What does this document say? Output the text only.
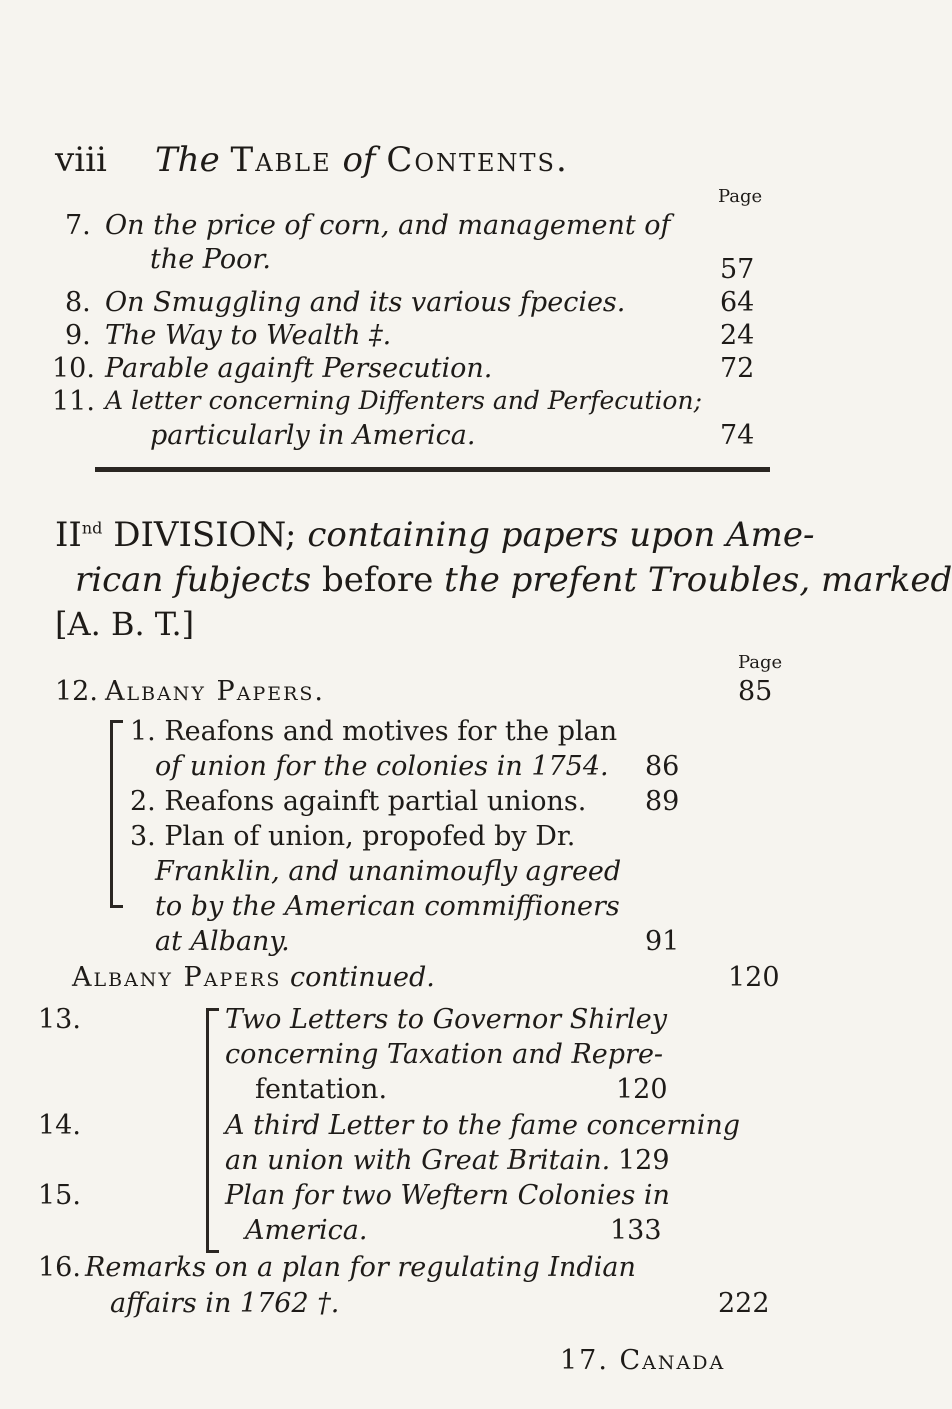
viii The Table of Contents.
Page
7. On the price of corn, and management of
the Poor.	57
8. On Smuggling and its various fpecies.	64
9. The Way to Wealth ‡.	24
10. Parable againft Persecution.	72
11. A letter concerning Diffenters and Perfecution;
particularly in America.	74
IInd DIVISION; containing papers upon Ame-
rican fubjects before the prefent Troubles, marked
[A. B. T.]
Page
12. Albany Papers.	85
1. Reafons and motives for the plan
of union for the colonies in 1754. 86
2. Reafons againft partial unions. 89
3. Plan of union, propofed by Dr.
Franklin, and unanimoufly agreed
to by the American commiffioners
at Albany.	91
Albany Papers continued.	120
13.	Two Letters to Governor Shirley
concerning Taxation and Repre-
fentation.	120
14.	A third Letter to the fame concerning
an union with Great Britain. 129
15.	Plan for two Weftern Colonies in
America.	133
16. Remarks on a plan for regulating Indian
affairs in 1762 †.	222
17. Canada
